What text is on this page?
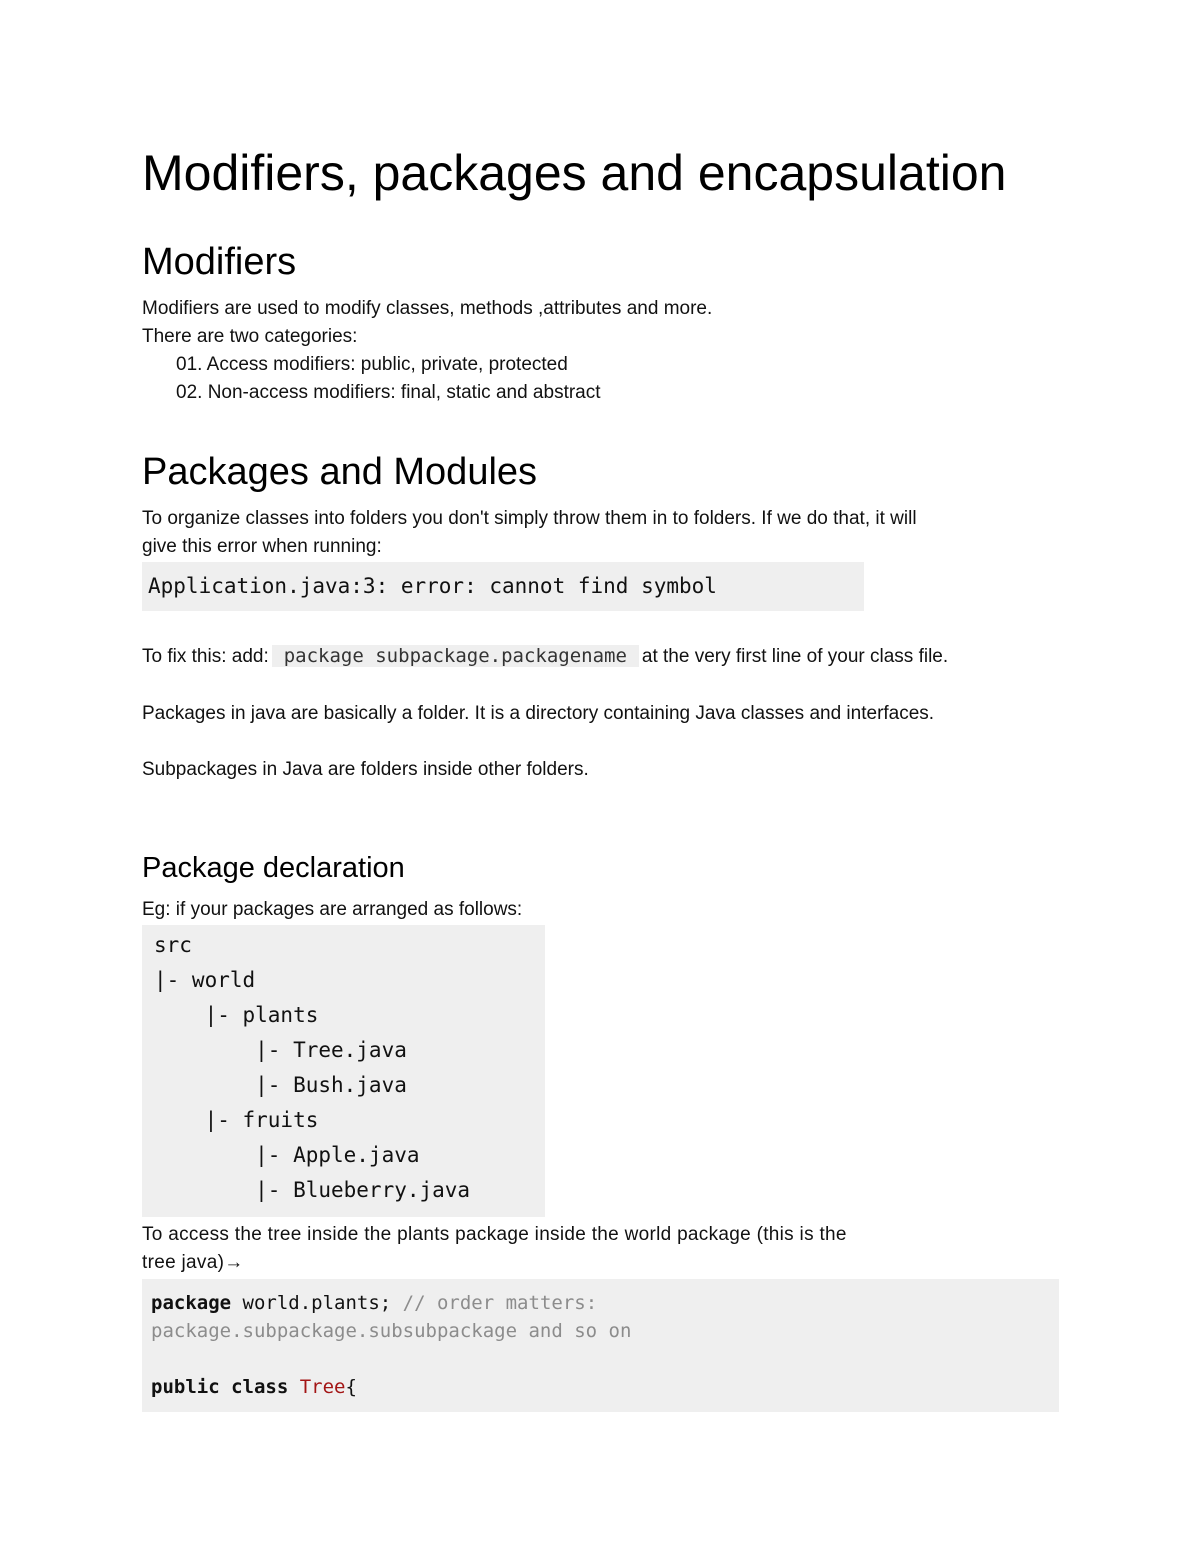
Modifiers, packages and encapsulation
Modifiers
Modifiers are used to modify classes, methods ,attributes and more.
There are two categories:
01. Access modifiers: public, private, protected
02. Non-access modifiers: final, static and abstract
Packages and Modules
To organize classes into folders you don't simply throw them in to folders. If we do that, it will
give this error when running:
Application.java:3: error: cannot find symbol
To fix this: add: package subpackage.packagename at the very first line of your class file.
Packages in java are basically a folder. It is a directory containing Java classes and interfaces.
Subpackages in Java are folders inside other folders.
Package declaration
Eg: if your packages are arranged as follows:
src
|- world
|- plants
|- Tree.java
|- Bush.java
|- fruits
|- Apple.java
|- Blueberry.java
To access the tree inside the plants package inside the world package (this is the
tree java)→
package world.plants; // order matters:
package.subpackage.subsubpackage and so on
public class Tree{
